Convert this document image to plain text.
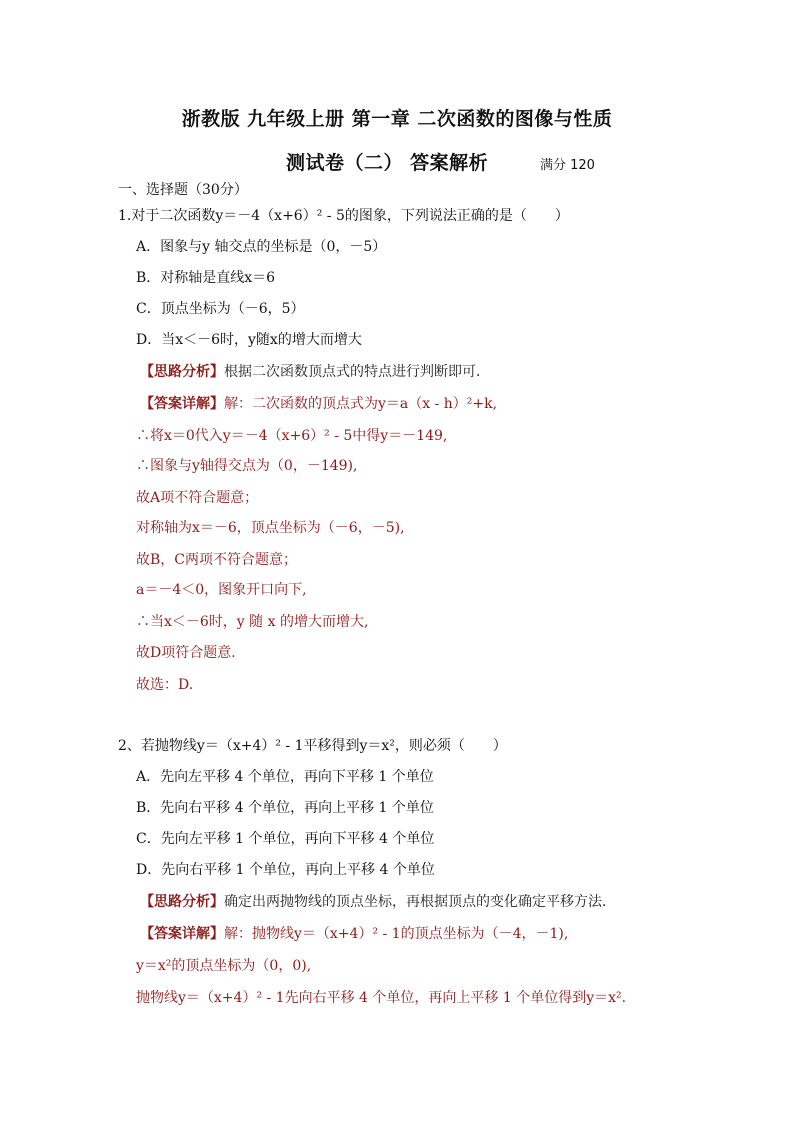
浙教版 九年级上册 第一章 二次函数的图像与性质
测试卷（二） 答案解析	满分 120
一、选择题（30分）
1.对于二次函数y＝－4（x+6）² - 5的图象，下列说法正确的是（　　）
A．图象与y 轴交点的坐标是（0，－5）
B．对称轴是直线x＝6
C．顶点坐标为（－6，5）
D．当x＜－6时，y随x的增大而增大
【思路分析】根据二次函数顶点式的特点进行判断即可．
【答案详解】解：二次函数的顶点式为y＝a（x - h）²+k,
∴将x＝0代入y＝－4（x+6）² - 5中得y＝－149,
∴图象与y轴得交点为（0，－149),
故A项不符合题意；
对称轴为x＝－6，顶点坐标为（－6，－5),
故B，C两项不符合题意；
a＝－4＜0，图象开口向下,
∴当x＜－6时，y 随 x 的增大而增大,
故D项符合题意．
故选：D.
2、若抛物线y＝（x+4）² - 1平移得到y＝x²，则必须（　　）
A．先向左平移 4 个单位，再向下平移 1 个单位
B．先向右平移 4 个单位，再向上平移 1 个单位
C．先向左平移 1 个单位，再向下平移 4 个单位
D．先向右平移 1 个单位，再向上平移 4 个单位
【思路分析】确定出两抛物线的顶点坐标，再根据顶点的变化确定平移方法．
【答案详解】解：抛物线y＝（x+4）² - 1的顶点坐标为（－4，－1),
y＝x²的顶点坐标为（0，0),
抛物线y＝（x+4）² - 1先向右平移 4 个单位，再向上平移 1 个单位得到y＝x².
